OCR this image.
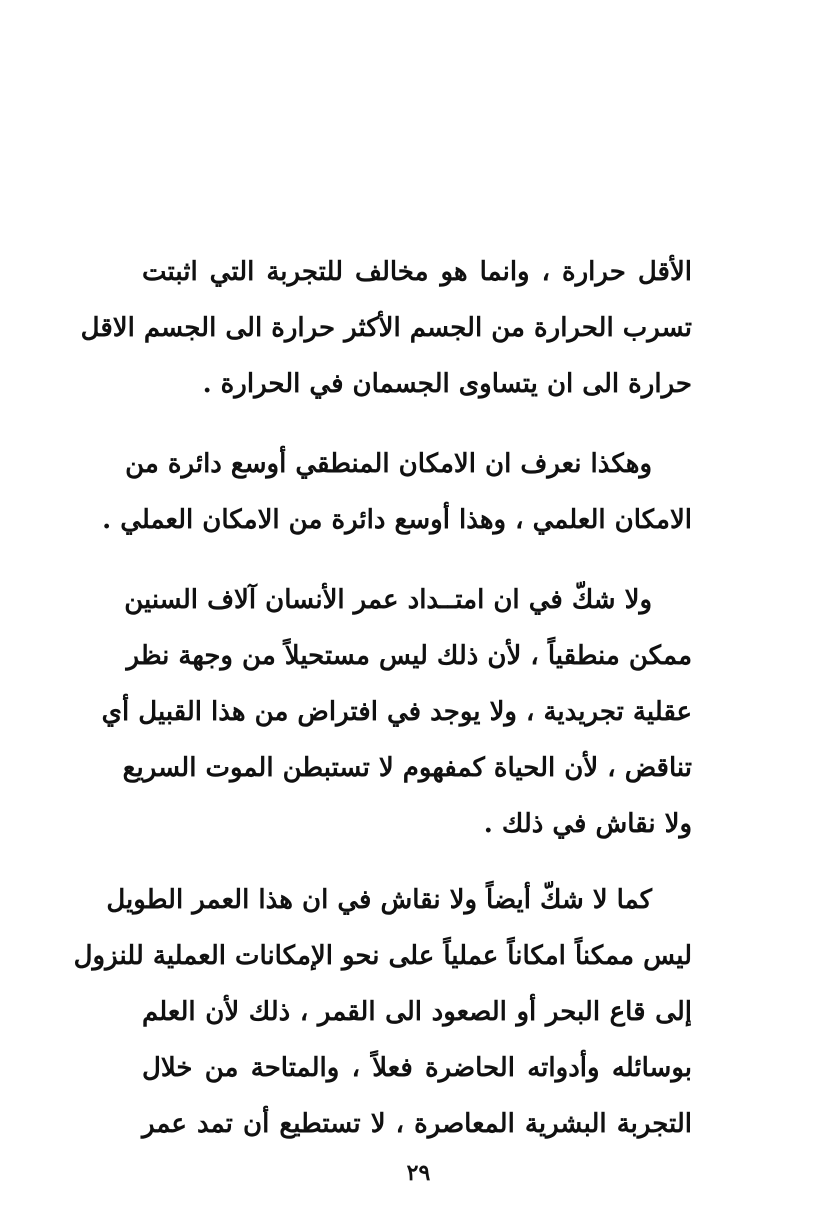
الأقل حرارة ، وانما هو مخالف للتجربة التي اثبتت
تسرب الحرارة من الجسم الأكثر حرارة الى الجسم الاقل
حرارة الى ان يتساوى الجسمان في الحرارة .
وهكذا نعرف ان الامكان المنطقي أوسع دائرة من
الامكان العلمي ، وهذا أوسع دائرة من الامكان العملي .
ولا شكّ في ان امتــداد عمر الأنسان آلاف السنين
ممكن منطقياً ، لأن ذلك ليس مستحيلاً من وجهة نظر
عقلية تجريدية ، ولا يوجد في افتراض من هذا القبيل أي
تناقض ، لأن الحياة كمفهوم لا تستبطن الموت السريع
ولا نقاش في ذلك .
كما لا شكّ أيضاً ولا نقاش في ان هذا العمر الطويل
ليس ممكناً امكاناً عملياً على نحو الإمكانات العملية للنزول
إلى قاع البحر أو الصعود الى القمر ، ذلك لأن العلم
بوسائله وأدواته الحاضرة فعلاً ، والمتاحة من خلال
التجربة البشرية المعاصرة ، لا تستطيع أن تمد عمر
٢٩
